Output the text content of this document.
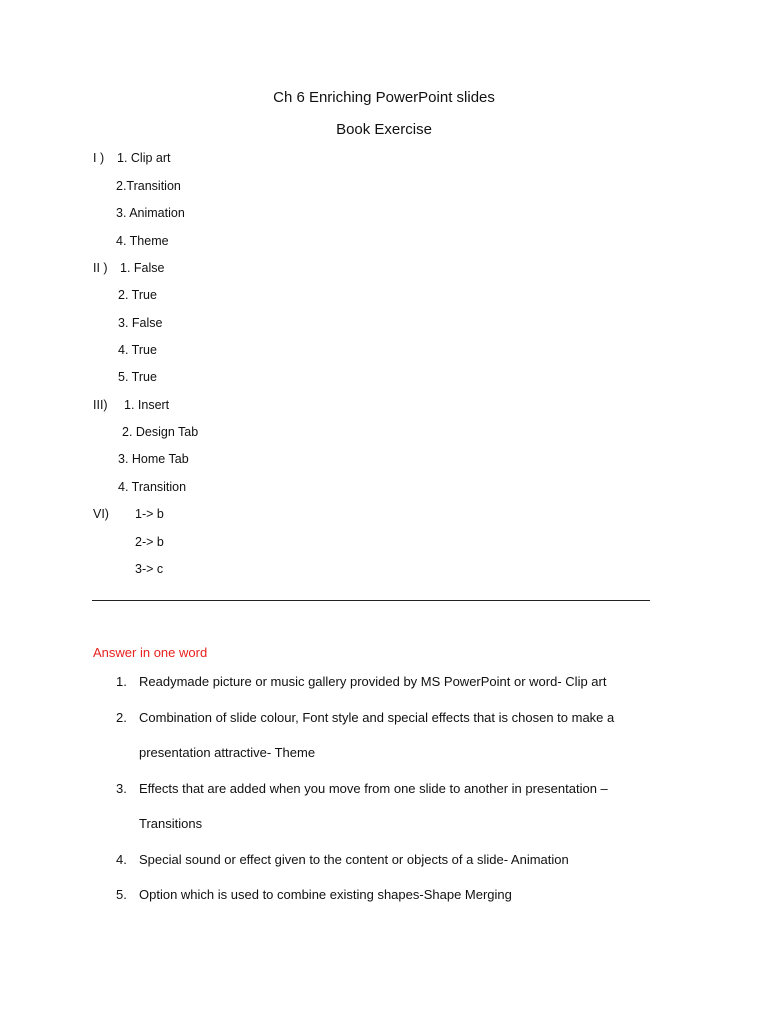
Ch 6 Enriching PowerPoint slides
Book Exercise
I ) 1. Clip art
2.Transition
3. Animation
4. Theme
II ) 1. False
2. True
3. False
4. True
5. True
III) 1. Insert
2. Design Tab
3. Home Tab
4. Transition
VI) 1-> b
2-> b
3-> c
Answer in one word
1. Readymade picture or music gallery provided by MS PowerPoint or word- Clip art
2. Combination of slide colour, Font style and special effects that is chosen to make a
presentation attractive- Theme
3. Effects that are added when you move from one slide to another in presentation –
Transitions
4. Special sound or effect given to the content or objects of a slide- Animation
5. Option which is used to combine existing shapes-Shape Merging
